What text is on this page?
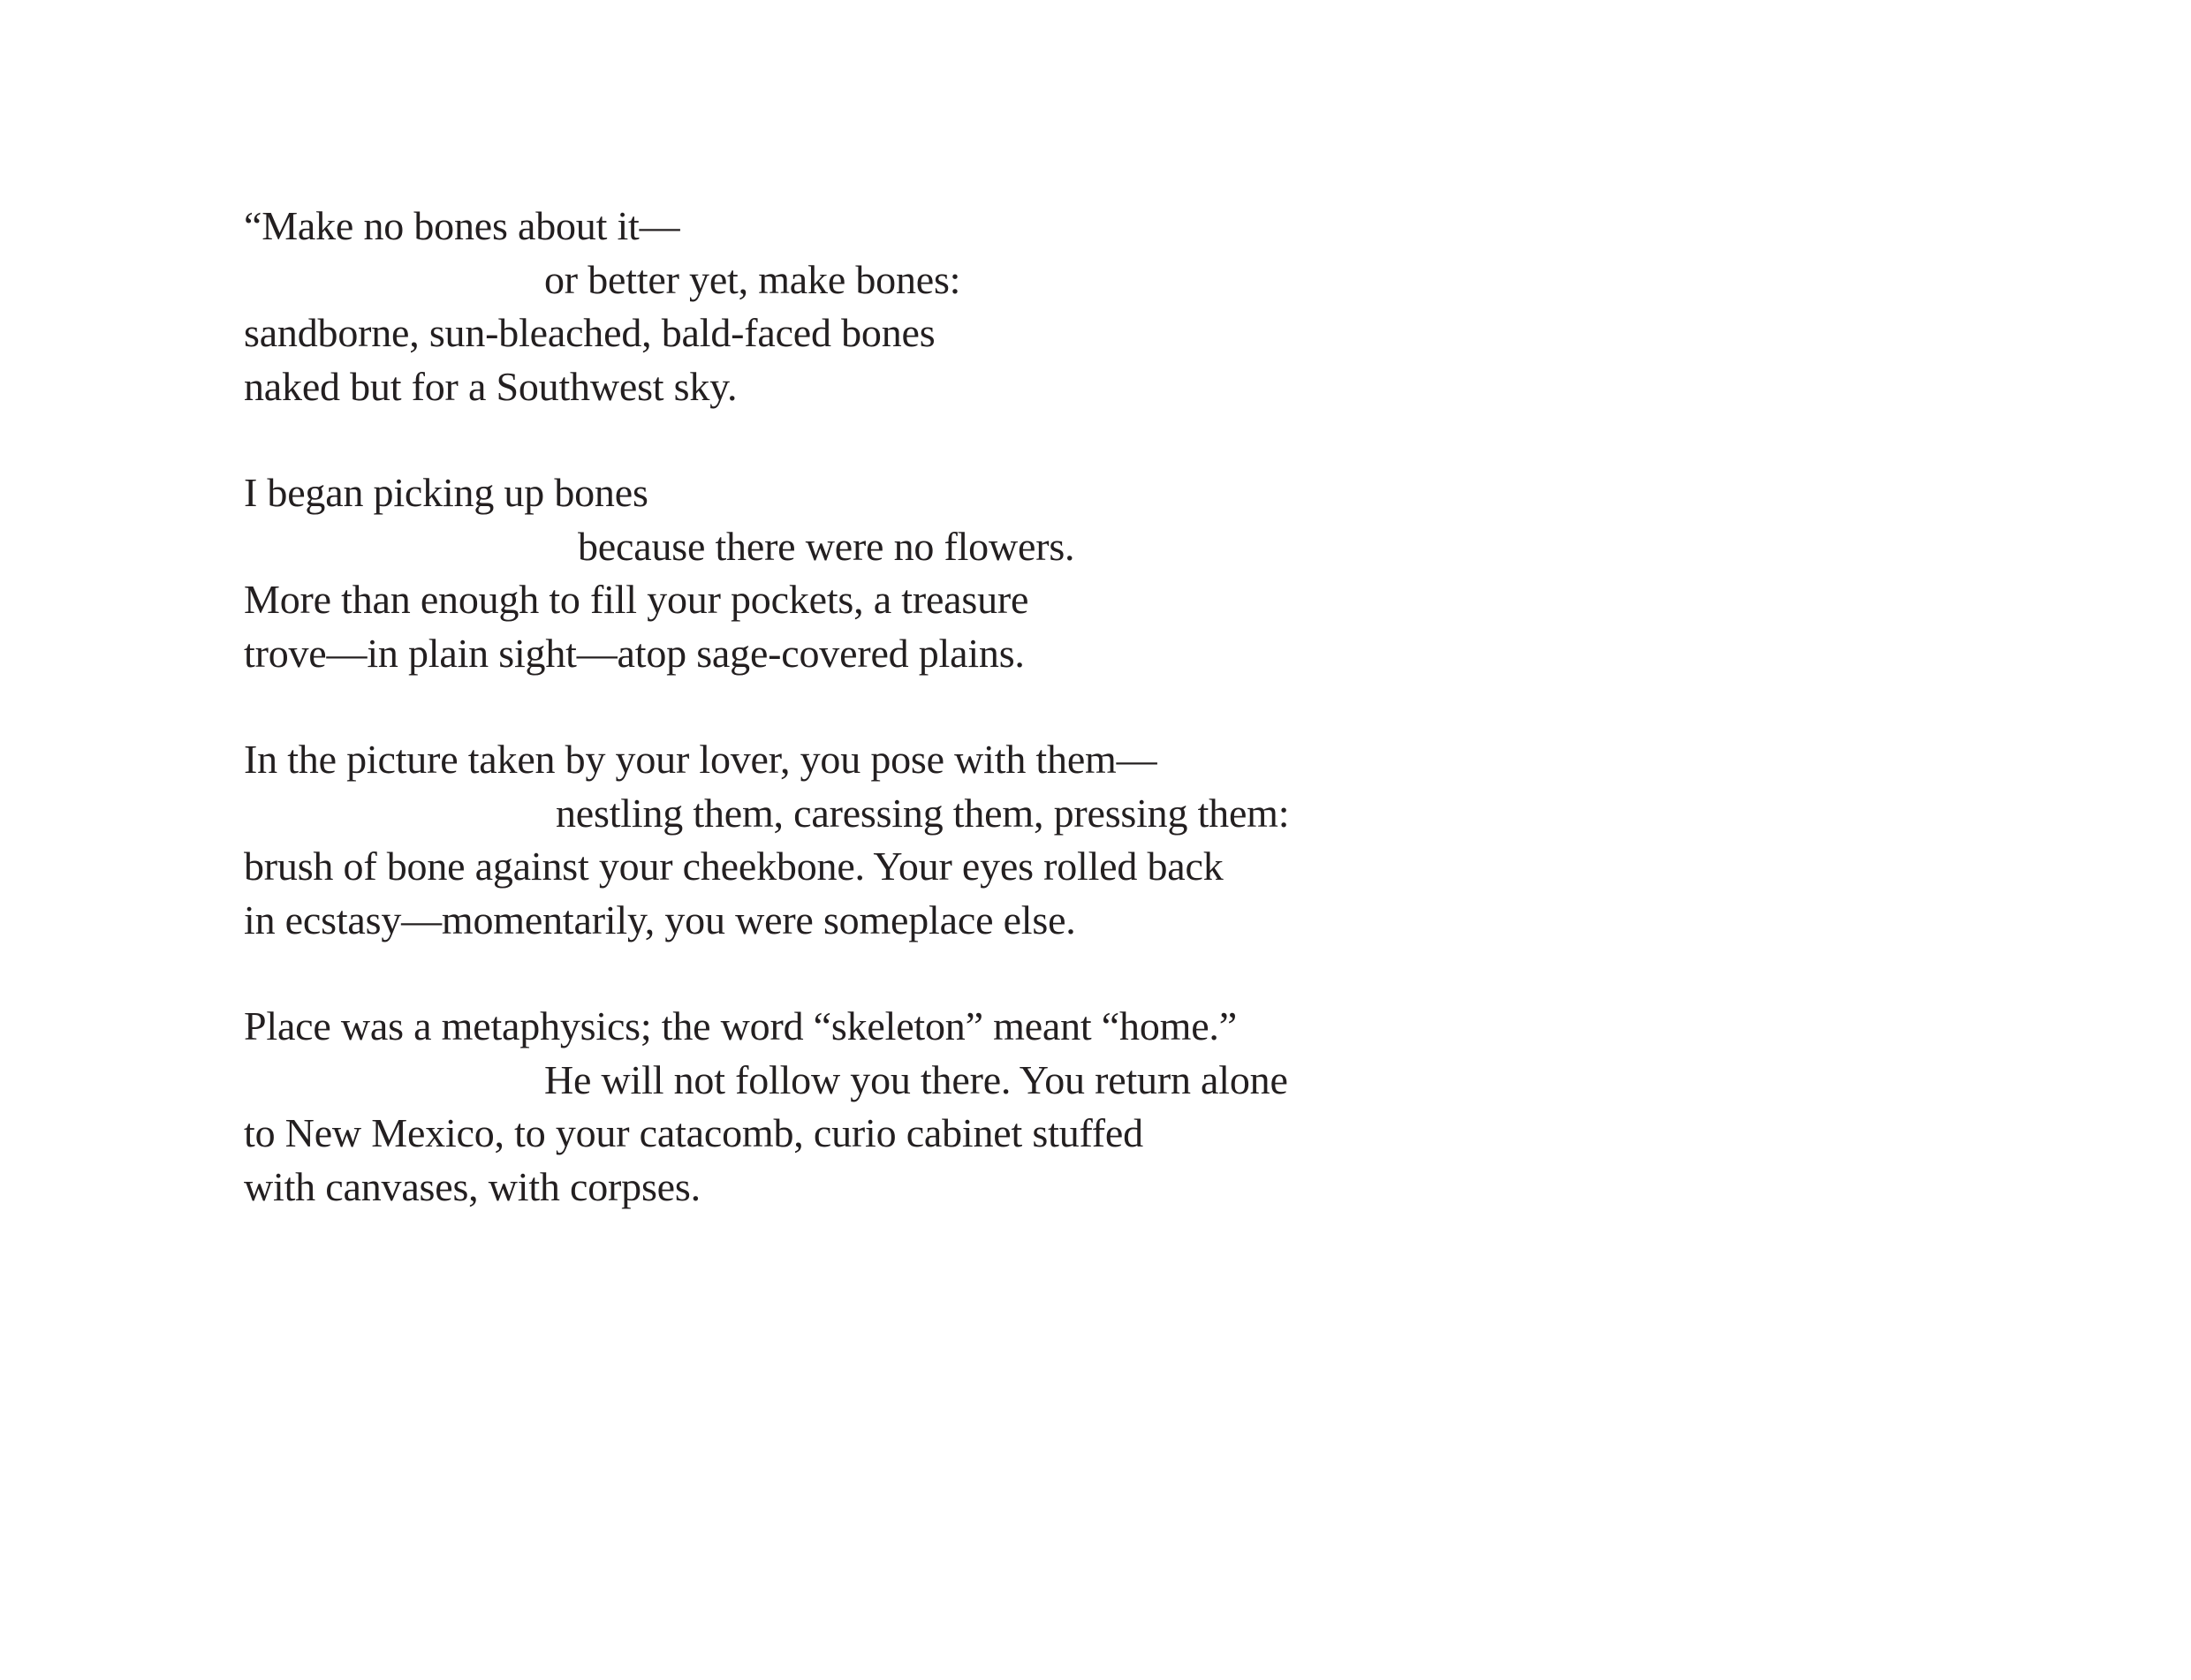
“Make no bones about it—
or better yet, make bones:
sandborne, sun-bleached, bald-faced bones
naked but for a Southwest sky.
I began picking up bones
because there were no flowers.
More than enough to fill your pockets, a treasure
trove—in plain sight—atop sage-covered plains.
In the picture taken by your lover, you pose with them—
nestling them, caressing them, pressing them:
brush of bone against your cheekbone. Your eyes rolled back
in ecstasy—momentarily, you were someplace else.
Place was a metaphysics; the word “skeleton” meant “home.”
He will not follow you there. You return alone
to New Mexico, to your catacomb, curio cabinet stuffed
with canvases, with corpses.
